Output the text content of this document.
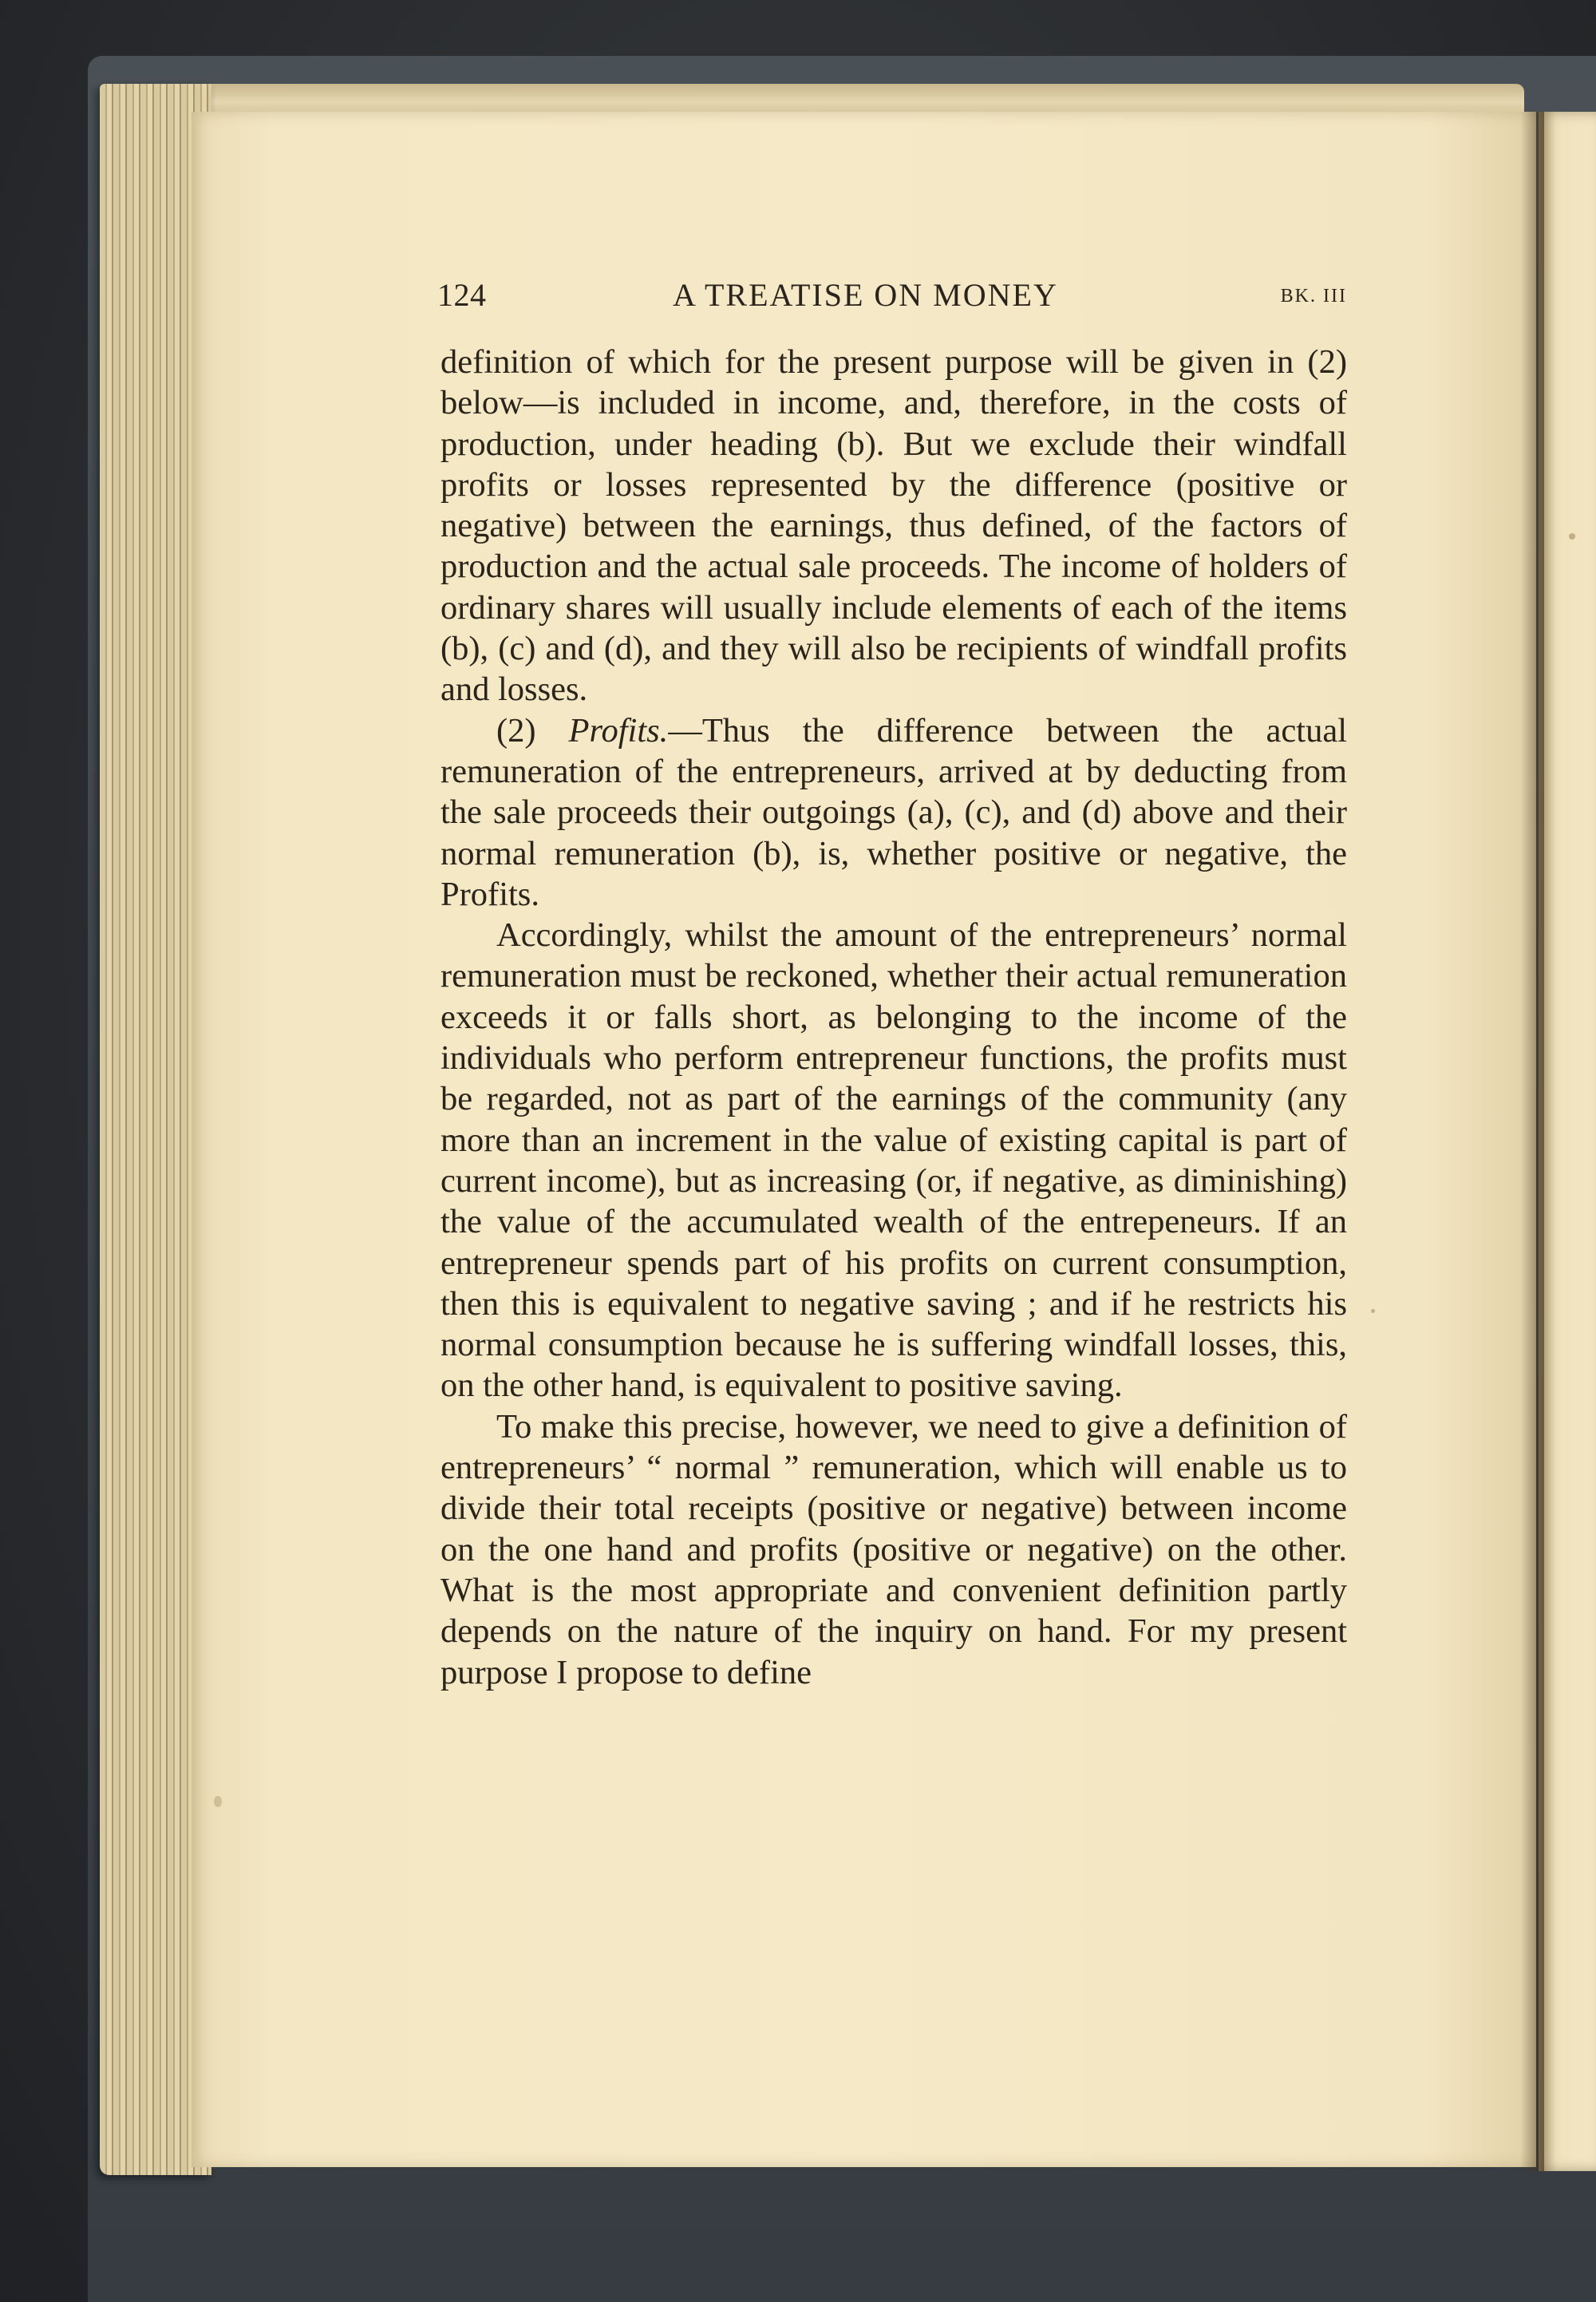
124	A TREATISE ON MONEY	BK. III

definition of which for the present purpose will be given in (2) below—is included in income, and, therefore, in the costs of production, under heading (b). But we exclude their windfall profits or losses represented by the difference (positive or negative) between the earnings, thus defined, of the factors of production and the actual sale proceeds. The income of holders of ordinary shares will usually include elements of each of the items (b), (c) and (d), and they will also be recipients of windfall profits and losses.

(2) Profits.—Thus the difference between the actual remuneration of the entrepreneurs, arrived at by deducting from the sale proceeds their outgoings (a), (c), and (d) above and their normal remuneration (b), is, whether positive or negative, the Profits.

Accordingly, whilst the amount of the entrepreneurs’ normal remuneration must be reckoned, whether their actual remuneration exceeds it or falls short, as belonging to the income of the individuals who perform entrepreneur functions, the profits must be regarded, not as part of the earnings of the community (any more than an increment in the value of existing capital is part of current income), but as increasing (or, if negative, as diminishing) the value of the accumulated wealth of the entrepeneurs. If an entrepreneur spends part of his profits on current consumption, then this is equivalent to negative saving ; and if he restricts his normal consumption because he is suffering windfall losses, this, on the other hand, is equivalent to positive saving.

To make this precise, however, we need to give a definition of entrepreneurs’ “ normal ” remuneration, which will enable us to divide their total receipts (positive or negative) between income on the one hand and profits (positive or negative) on the other. What is the most appropriate and convenient definition partly depends on the nature of the inquiry on hand. For my present purpose I propose to define
